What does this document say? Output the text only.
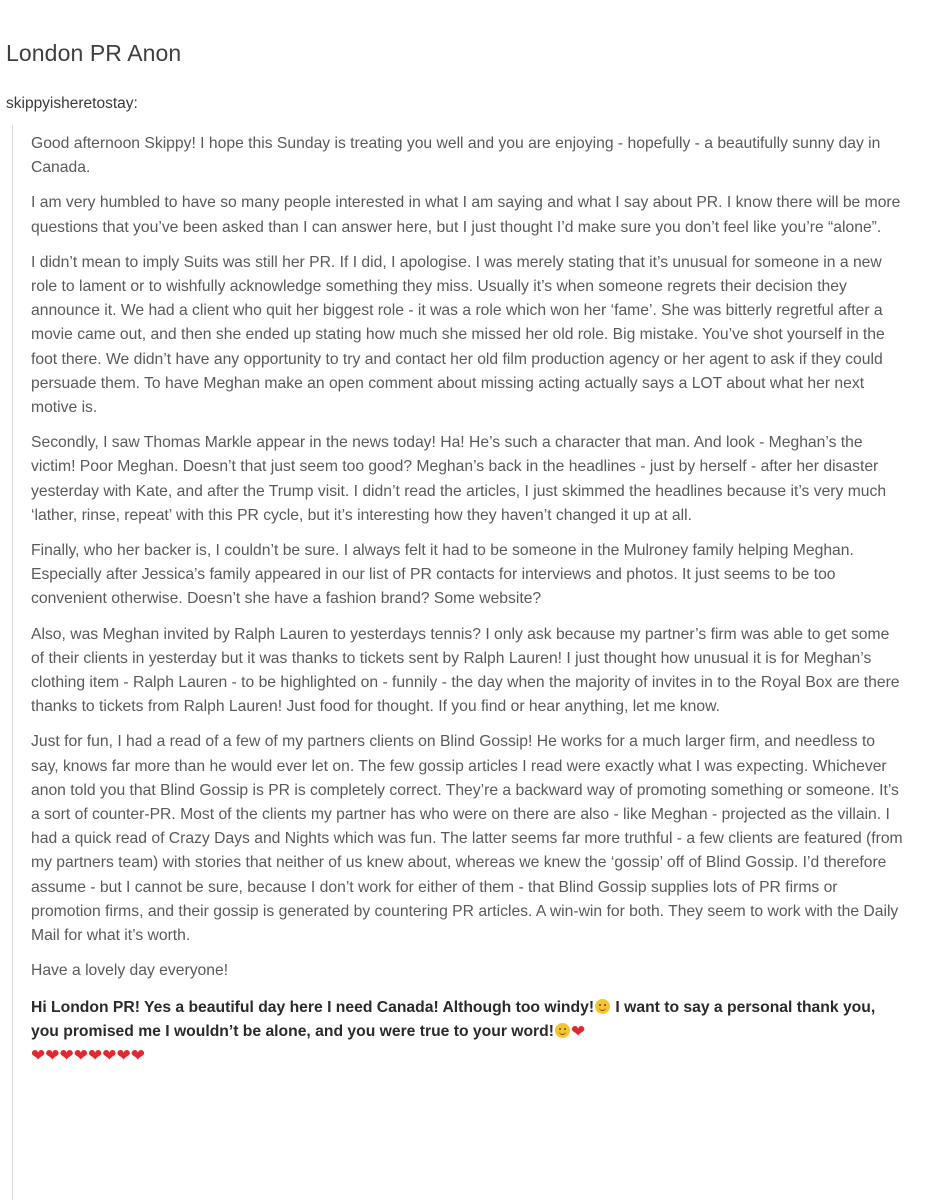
London PR Anon
skippyisheretostay:

Good afternoon Skippy! I hope this Sunday is treating you well and you are enjoying - hopefully - a beautifully sunny day in Canada.

I am very humbled to have so many people interested in what I am saying and what I say about PR. I know there will be more questions that you’ve been asked than I can answer here, but I just thought I’d make sure you don’t feel like you’re “alone”.

I didn’t mean to imply Suits was still her PR. If I did, I apologise. I was merely stating that it’s unusual for someone in a new role to lament or to wishfully acknowledge something they miss. Usually it’s when someone regrets their decision they announce it. We had a client who quit her biggest role - it was a role which won her ‘fame’. She was bitterly regretful after a movie came out, and then she ended up stating how much she missed her old role. Big mistake. You’ve shot yourself in the foot there. We didn’t have any opportunity to try and contact her old film production agency or her agent to ask if they could persuade them. To have Meghan make an open comment about missing acting actually says a LOT about what her next motive is.

Secondly, I saw Thomas Markle appear in the news today! Ha! He’s such a character that man. And look - Meghan’s the victim! Poor Meghan. Doesn’t that just seem too good? Meghan’s back in the headlines - just by herself - after her disaster yesterday with Kate, and after the Trump visit. I didn’t read the articles, I just skimmed the headlines because it’s very much ‘lather, rinse, repeat’ with this PR cycle, but it’s interesting how they haven’t changed it up at all.

Finally, who her backer is, I couldn’t be sure. I always felt it had to be someone in the Mulroney family helping Meghan. Especially after Jessica’s family appeared in our list of PR contacts for interviews and photos. It just seems to be too convenient otherwise. Doesn’t she have a fashion brand? Some website?

Also, was Meghan invited by Ralph Lauren to yesterdays tennis? I only ask because my partner’s firm was able to get some of their clients in yesterday but it was thanks to tickets sent by Ralph Lauren! I just thought how unusual it is for Meghan’s clothing item - Ralph Lauren - to be highlighted on - funnily - the day when the majority of invites in to the Royal Box are there thanks to tickets from Ralph Lauren! Just food for thought. If you find or hear anything, let me know.

Just for fun, I had a read of a few of my partners clients on Blind Gossip! He works for a much larger firm, and needless to say, knows far more than he would ever let on. The few gossip articles I read were exactly what I was expecting. Whichever anon told you that Blind Gossip is PR is completely correct. They’re a backward way of promoting something or someone. It’s a sort of counter-PR. Most of the clients my partner has who were on there are also - like Meghan - projected as the villain. I had a quick read of Crazy Days and Nights which was fun. The latter seems far more truthful - a few clients are featured (from my partners team) with stories that neither of us knew about, whereas we knew the ‘gossip’ off of Blind Gossip. I’d therefore assume - but I cannot be sure, because I don’t work for either of them - that Blind Gossip supplies lots of PR firms or promotion firms, and their gossip is generated by countering PR articles. A win-win for both. They seem to work with the Daily Mail for what it’s worth.

Have a lovely day everyone!

Hi London PR! Yes a beautiful day here I need Canada! Although too windy! I want to say a personal thank you, you promised me I wouldn’t be alone, and you were true to your word! ❤
❤❤❤❤❤❤❤❤
